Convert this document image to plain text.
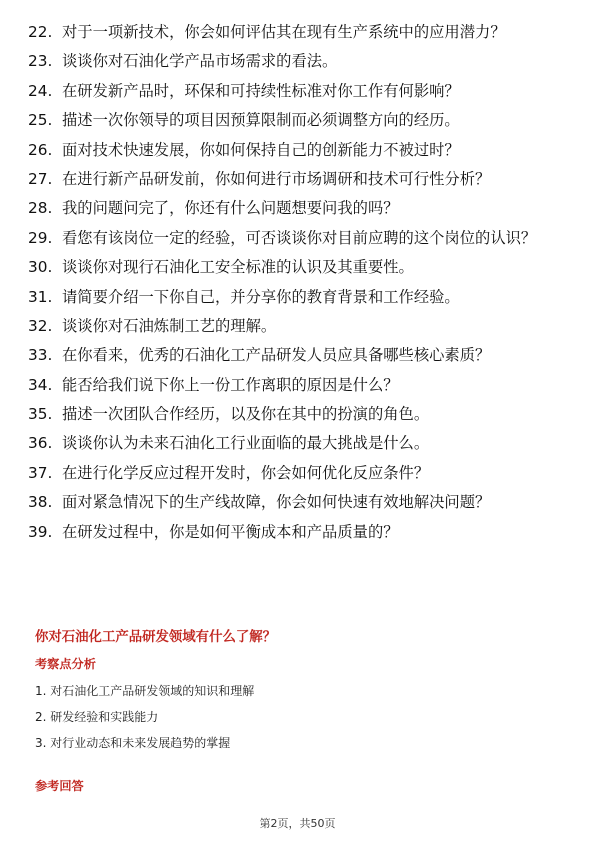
22. 对于一项新技术，你会如何评估其在现有生产系统中的应用潜力？
23. 谈谈你对石油化学产品市场需求的看法。
24. 在研发新产品时，环保和可持续性标准对你工作有何影响？
25. 描述一次你领导的项目因预算限制而必须调整方向的经历。
26. 面对技术快速发展，你如何保持自己的创新能力不被过时？
27. 在进行新产品研发前，你如何进行市场调研和技术可行性分析？
28. 我的问题问完了，你还有什么问题想要问我的吗？
29. 看您有该岗位一定的经验，可否谈谈你对目前应聘的这个岗位的认识？
30. 谈谈你对现行石油化工安全标准的认识及其重要性。
31. 请简要介绍一下你自己，并分享你的教育背景和工作经验。
32. 谈谈你对石油炼制工艺的理解。
33. 在你看来，优秀的石油化工产品研发人员应具备哪些核心素质？
34. 能否给我们说下你上一份工作离职的原因是什么？
35. 描述一次团队合作经历，以及你在其中的扮演的角色。
36. 谈谈你认为未来石油化工行业面临的最大挑战是什么。
37. 在进行化学反应过程开发时，你会如何优化反应条件？
38. 面对紧急情况下的生产线故障，你会如何快速有效地解决问题？
39. 在研发过程中，你是如何平衡成本和产品质量的？
你对石油化工产品研发领域有什么了解？
考察点分析
1. 对石油化工产品研发领域的知识和理解
2. 研发经验和实践能力
3. 对行业动态和未来发展趋势的掌握
参考回答
第2页，共50页
